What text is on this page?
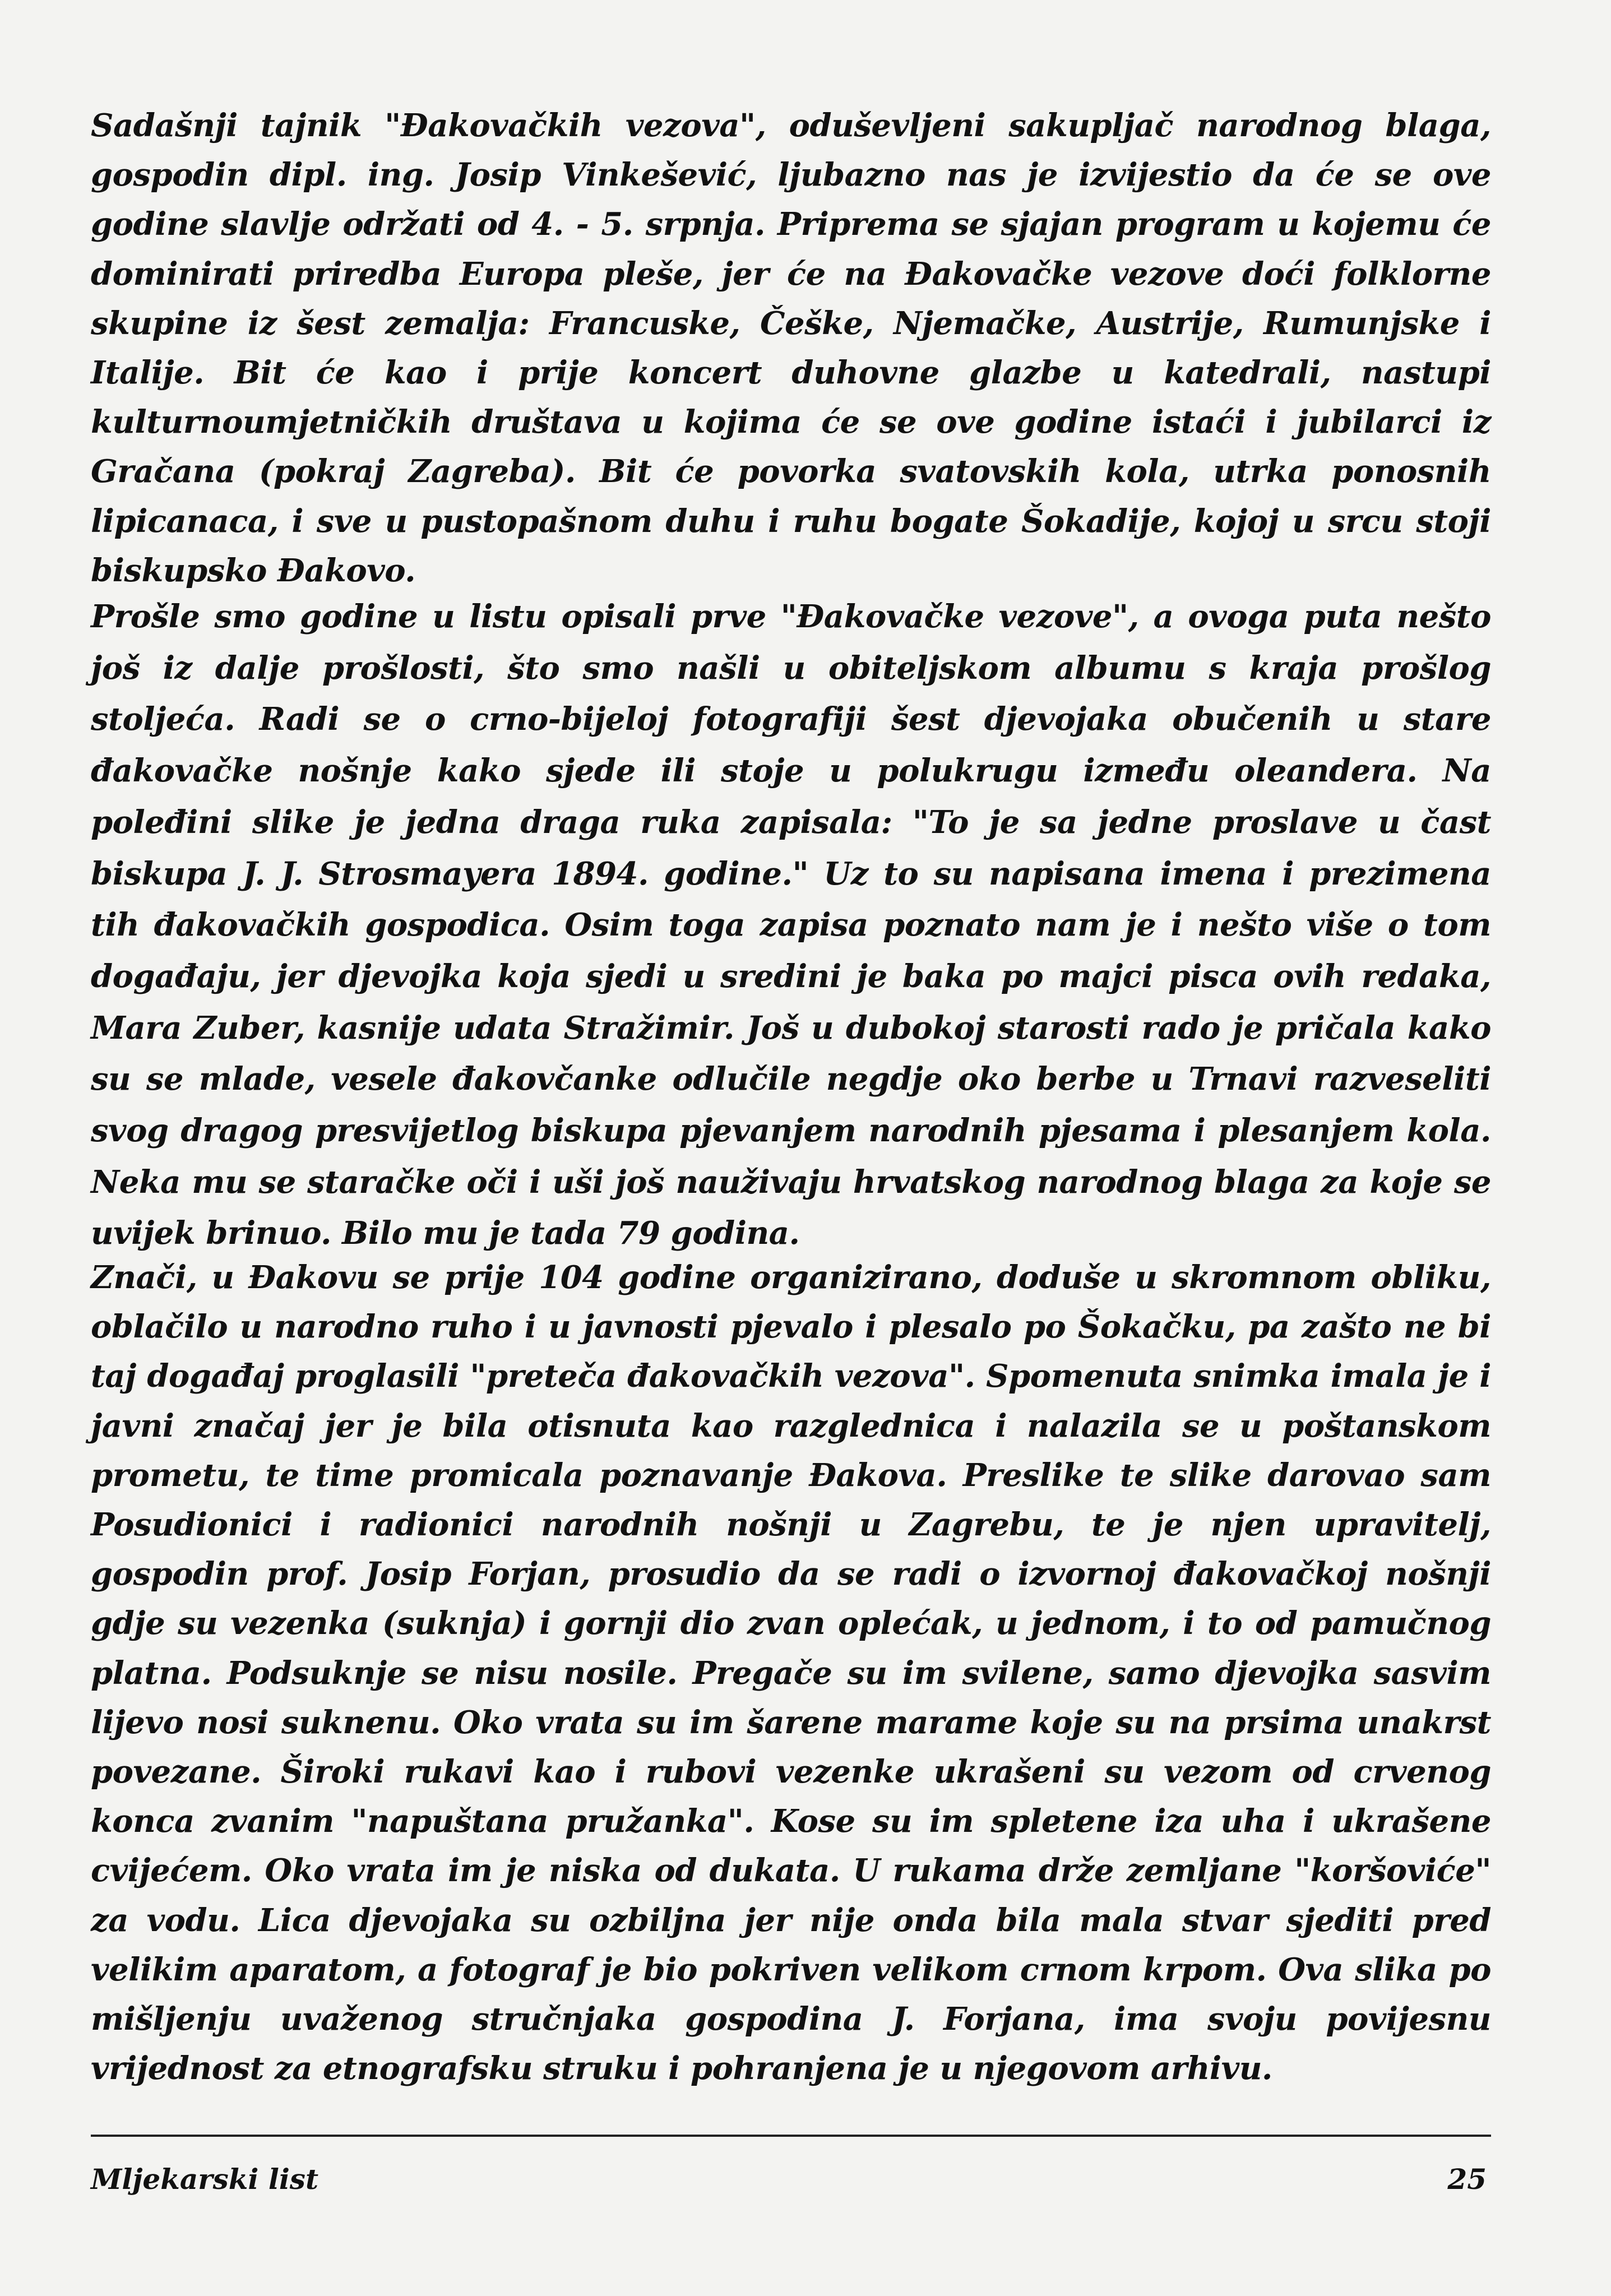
Sadašnji tajnik "Đakovačkih vezova", oduševljeni sakupljač narodnog blaga, gospodin dipl. ing. Josip Vinkešević, ljubazno nas je izvijestio da će se ove godine slavlje održati od 4. - 5. srpnja. Priprema se sjajan program u kojemu će dominirati priredba Europa pleše, jer će na Đakovačke vezove doći folklorne skupine iz šest zemalja: Francuske, Češke, Njemačke, Austrije, Rumunjske i Italije. Bit će kao i prije koncert duhovne glazbe u katedrali, nastupi kulturnoumjetničkih društava u kojima će se ove godine istaći i jubilarci iz Gračana (pokraj Zagreba). Bit će povorka svatovskih kola, utrka ponosnih lipicanaca, i sve u pustopašnom duhu i ruhu bogate Šokadije, kojoj u srcu stoji biskupsko Đakovo.

Prošle smo godine u listu opisali prve "Đakovačke vezove", a ovoga puta nešto još iz dalje prošlosti, što smo našli u obiteljskom albumu s kraja prošlog stoljeća. Radi se o crno-bijeloj fotografiji šest djevojaka obučenih u stare đakovačke nošnje kako sjede ili stoje u polukrugu između oleandera. Na poleđini slike je jedna draga ruka zapisala: "To je sa jedne proslave u čast biskupa J. J. Strosmayera 1894. godine." Uz to su napisana imena i prezimena tih đakovačkih gospodica. Osim toga zapisa poznato nam je i nešto više o tom događaju, jer djevojka koja sjedi u sredini je baka po majci pisca ovih redaka, Mara Zuber, kasnije udata Stražimir. Još u dubokoj starosti rado je pričala kako su se mlade, vesele đakovčanke odlučile negdje oko berbe u Trnavi razveseliti svog dragog presvijetlog biskupa pjevanjem narodnih pjesama i plesanjem kola. Neka mu se staračke oči i uši još nauživaju hrvatskog narodnog blaga za koje se uvijek brinuo. Bilo mu je tada 79 godina.

Znači, u Đakovu se prije 104 godine organizirano, doduše u skromnom obliku, oblačilo u narodno ruho i u javnosti pjevalo i plesalo po Šokačku, pa zašto ne bi taj događaj proglasili "preteča đakovačkih vezova". Spomenuta snimka imala je i javni značaj jer je bila otisnuta kao razglednica i nalazila se u poštanskom prometu, te time promicala poznavanje Đakova. Preslike te slike darovao sam Posudionici i radionici narodnih nošnji u Zagrebu, te je njen upravitelj, gospodin prof. Josip Forjan, prosudio da se radi o izvornoj đakovačkoj nošnji gdje su vezenka (suknja) i gornji dio zvan oplećak, u jednom, i to od pamučnog platna. Podsuknje se nisu nosile. Pregače su im svilene, samo djevojka sasvim lijevo nosi suknenu. Oko vrata su im šarene marame koje su na prsima unakrst povezane. Široki rukavi kao i rubovi vezenke ukrašeni su vezom od crvenog konca zvanim "napuštana pružanka". Kose su im spletene iza uha i ukrašene cvijećem. Oko vrata im je niska od dukata. U rukama drže zemljane "koršoviće" za vodu. Lica djevojaka su ozbiljna jer nije onda bila mala stvar sjediti pred velikim aparatom, a fotograf je bio pokriven velikom crnom krpom. Ova slika po mišljenju uvaženog stručnjaka gospodina J. Forjana, ima svoju povijesnu vrijednost za etnografsku struku i pohranjena je u njegovom arhivu.

Mljekarski list	25
